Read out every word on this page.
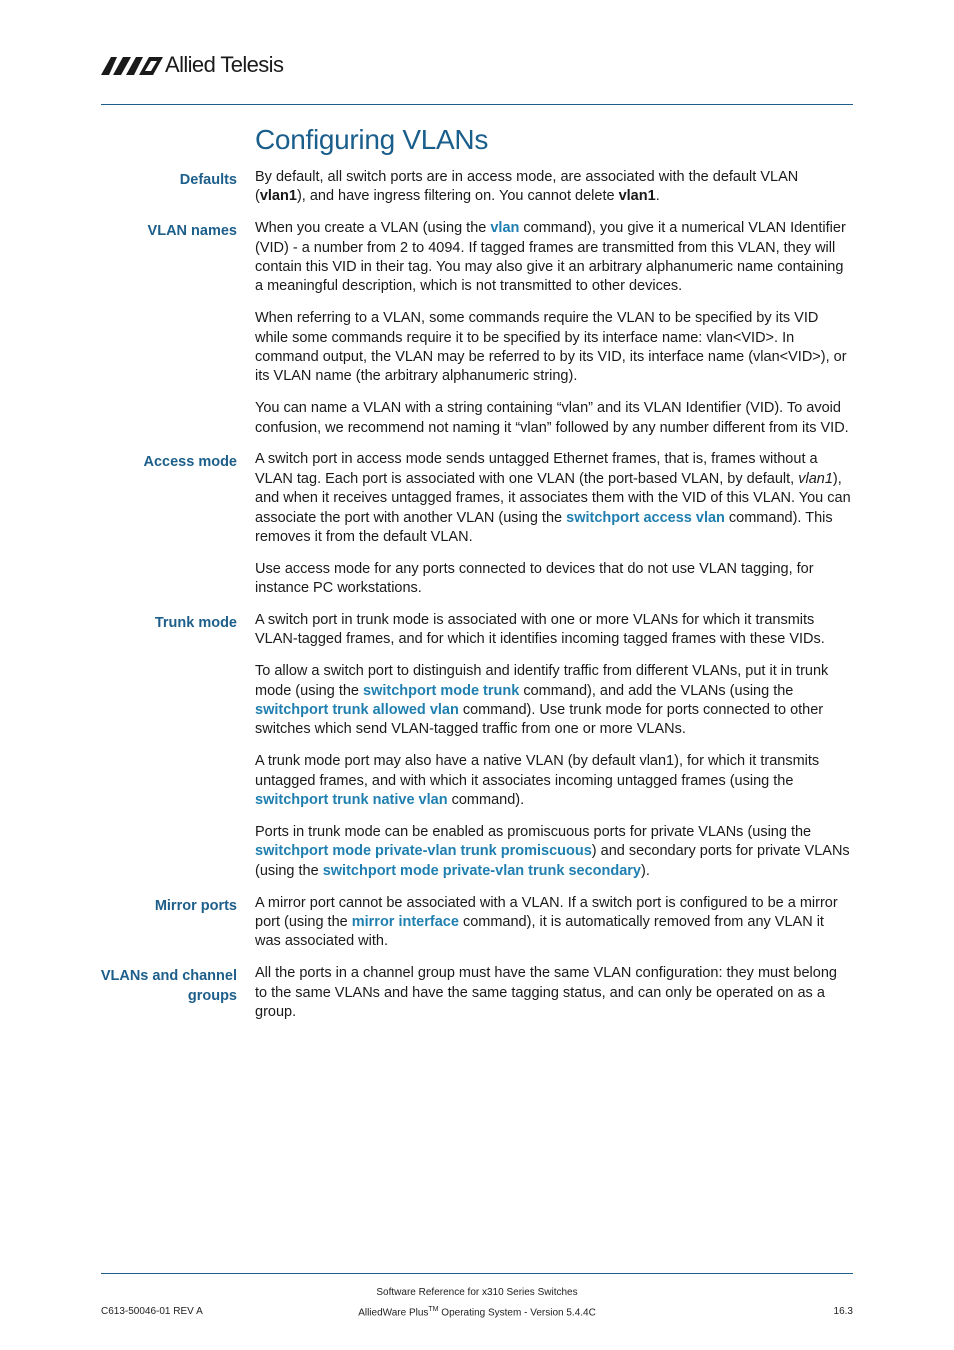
Allied Telesis
Configuring VLANs
Defaults By default, all switch ports are in access mode, are associated with the default VLAN (vlan1), and have ingress filtering on. You cannot delete vlan1.

VLAN names When you create a VLAN (using the vlan command), you give it a numerical VLAN Identifier (VID) - a number from 2 to 4094. If tagged frames are transmitted from this VLAN, they will contain this VID in their tag. You may also give it an arbitrary alphanumeric name containing a meaningful description, which is not transmitted to other devices.

When referring to a VLAN, some commands require the VLAN to be specified by its VID while some commands require it to be specified by its interface name: vlan<VID>. In command output, the VLAN may be referred to by its VID, its interface name (vlan<VID>), or its VLAN name (the arbitrary alphanumeric string).

You can name a VLAN with a string containing “vlan” and its VLAN Identifier (VID). To avoid confusion, we recommend not naming it “vlan” followed by any number different from its VID.

Access mode A switch port in access mode sends untagged Ethernet frames, that is, frames without a VLAN tag. Each port is associated with one VLAN (the port-based VLAN, by default, vlan1), and when it receives untagged frames, it associates them with the VID of this VLAN. You can associate the port with another VLAN (using the switchport access vlan command). This removes it from the default VLAN.

Use access mode for any ports connected to devices that do not use VLAN tagging, for instance PC workstations.

Trunk mode A switch port in trunk mode is associated with one or more VLANs for which it transmits VLAN-tagged frames, and for which it identifies incoming tagged frames with these VIDs.

To allow a switch port to distinguish and identify traffic from different VLANs, put it in trunk mode (using the switchport mode trunk command), and add the VLANs (using the switchport trunk allowed vlan command). Use trunk mode for ports connected to other switches which send VLAN-tagged traffic from one or more VLANs.

A trunk mode port may also have a native VLAN (by default vlan1), for which it transmits untagged frames, and with which it associates incoming untagged frames (using the switchport trunk native vlan command).

Ports in trunk mode can be enabled as promiscuous ports for private VLANs (using the switchport mode private-vlan trunk promiscuous) and secondary ports for private VLANs (using the switchport mode private-vlan trunk secondary).

Mirror ports A mirror port cannot be associated with a VLAN. If a switch port is configured to be a mirror port (using the mirror interface command), it is automatically removed from any VLAN it was associated with.

VLANs and channel groups

All the ports in a channel group must have the same VLAN configuration: they must belong to the same VLANs and have the same tagging status, and can only be operated on as a group.

Software Reference for x310 Series Switches
AlliedWare Plus™ Operating System - Version 5.4.4C
C613-50046-01 REV A	16.3
